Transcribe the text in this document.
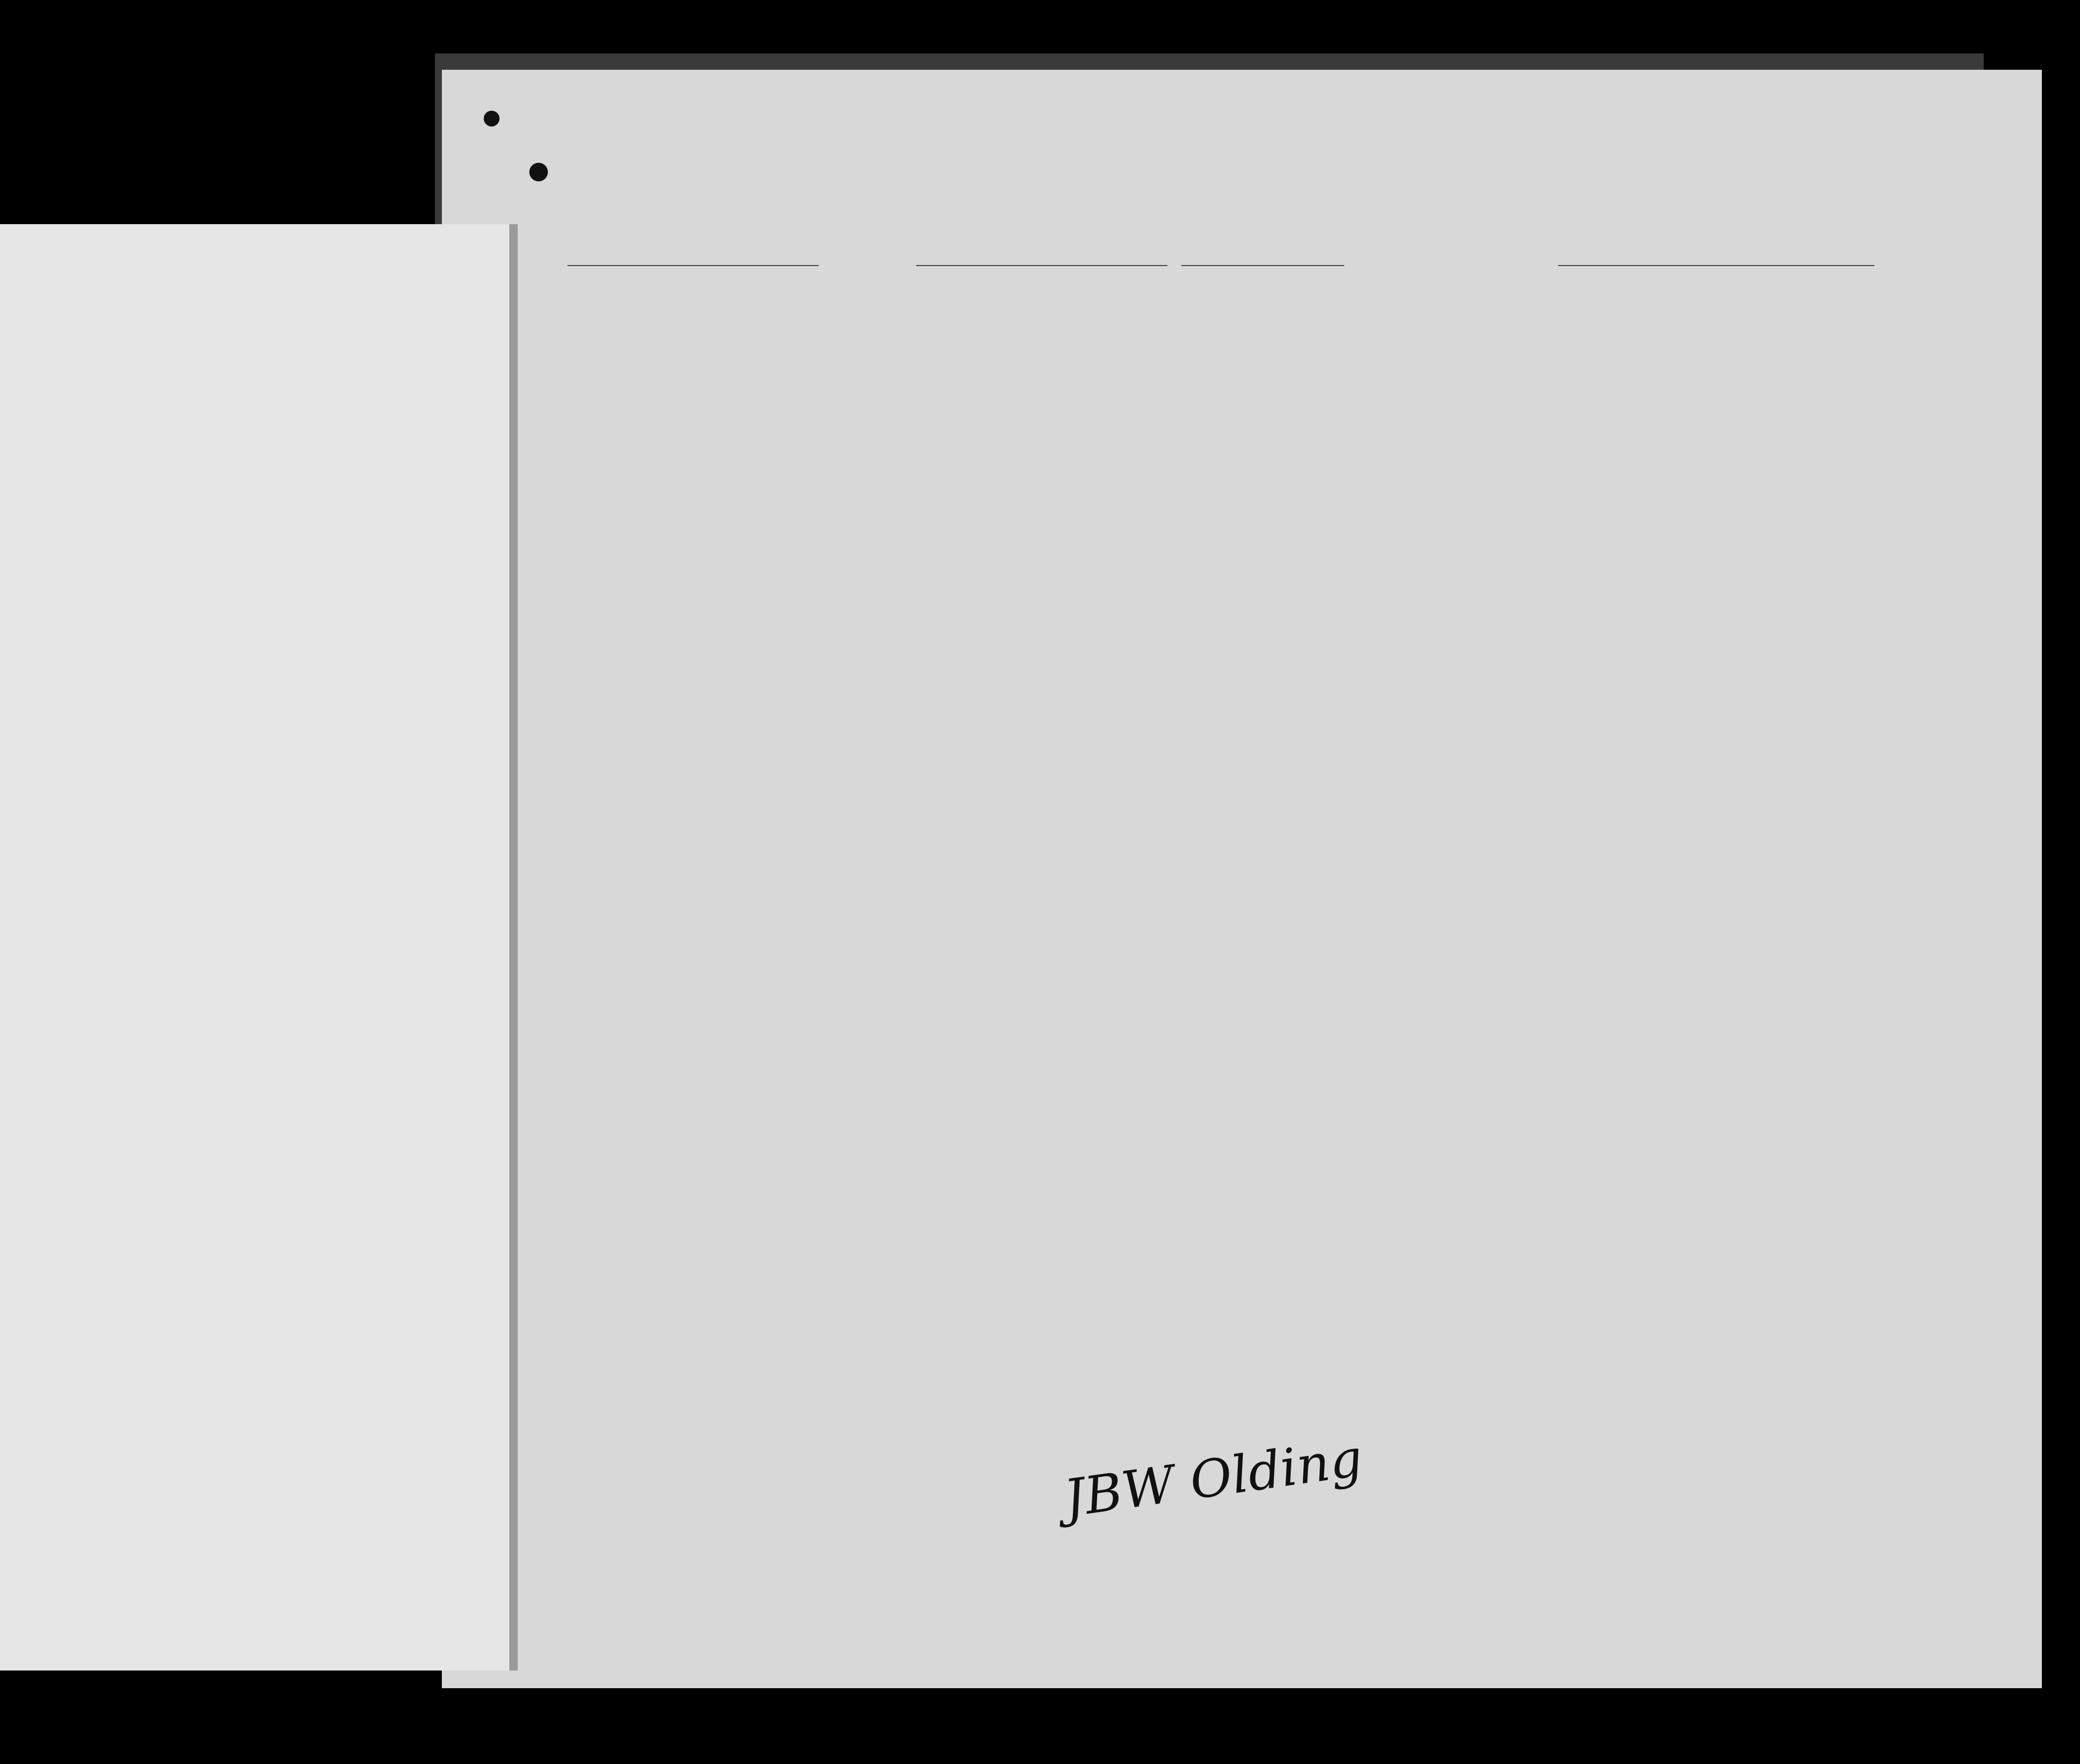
JBW Olding
